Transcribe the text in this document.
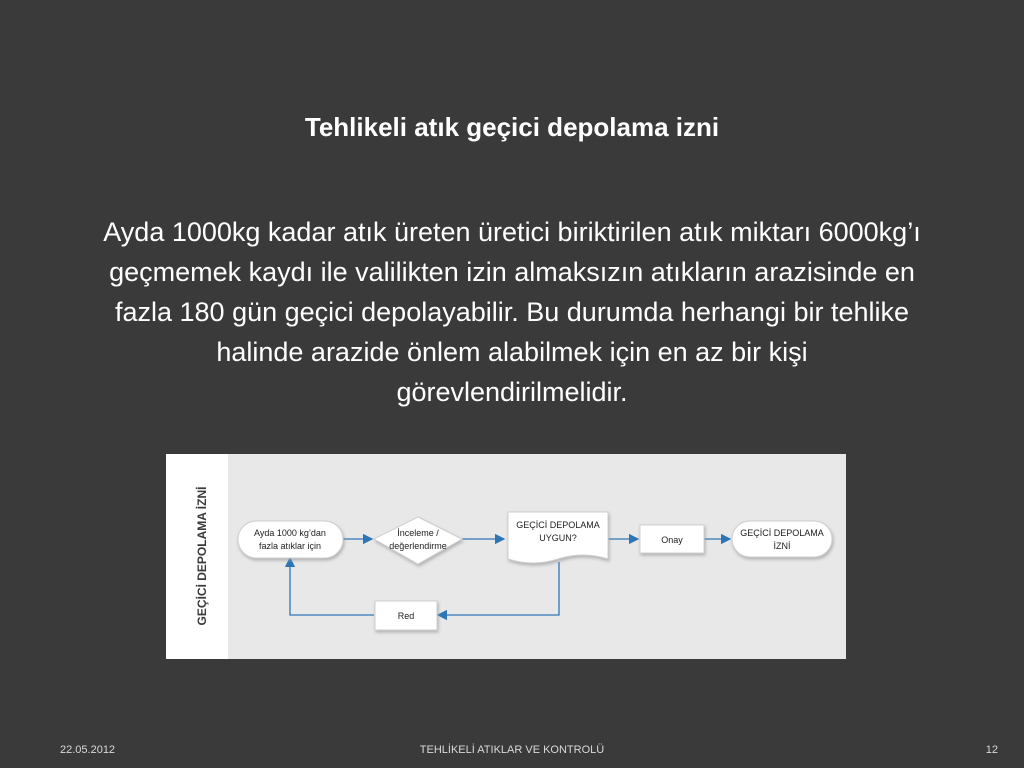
Tehlikeli atık geçici depolama izni

Ayda 1000kg kadar atık üreten üretici biriktirilen atık miktarı 6000kg’ı geçmemek kaydı ile valilikten izin almaksızın atıkların arazisinde en fazla 180 gün geçici depolayabilir. Bu durumda herhangi bir tehlike halinde arazide önlem alabilmek için en az bir kişi görevlendirilmelidir.

GEÇİCİ DEPOLAMA İZNİ	Ayda 1000 kg’dan
fazla atıklar için
İnceleme /
değerlendirme
GEÇİCİ DEPOLAMA
UYGUN?	Onay
GEÇİCİ DEPOLAMA
İZNİ
Red
22.05.2012	TEHLİKELİ ATIKLAR VE KONTROLÜ	12
